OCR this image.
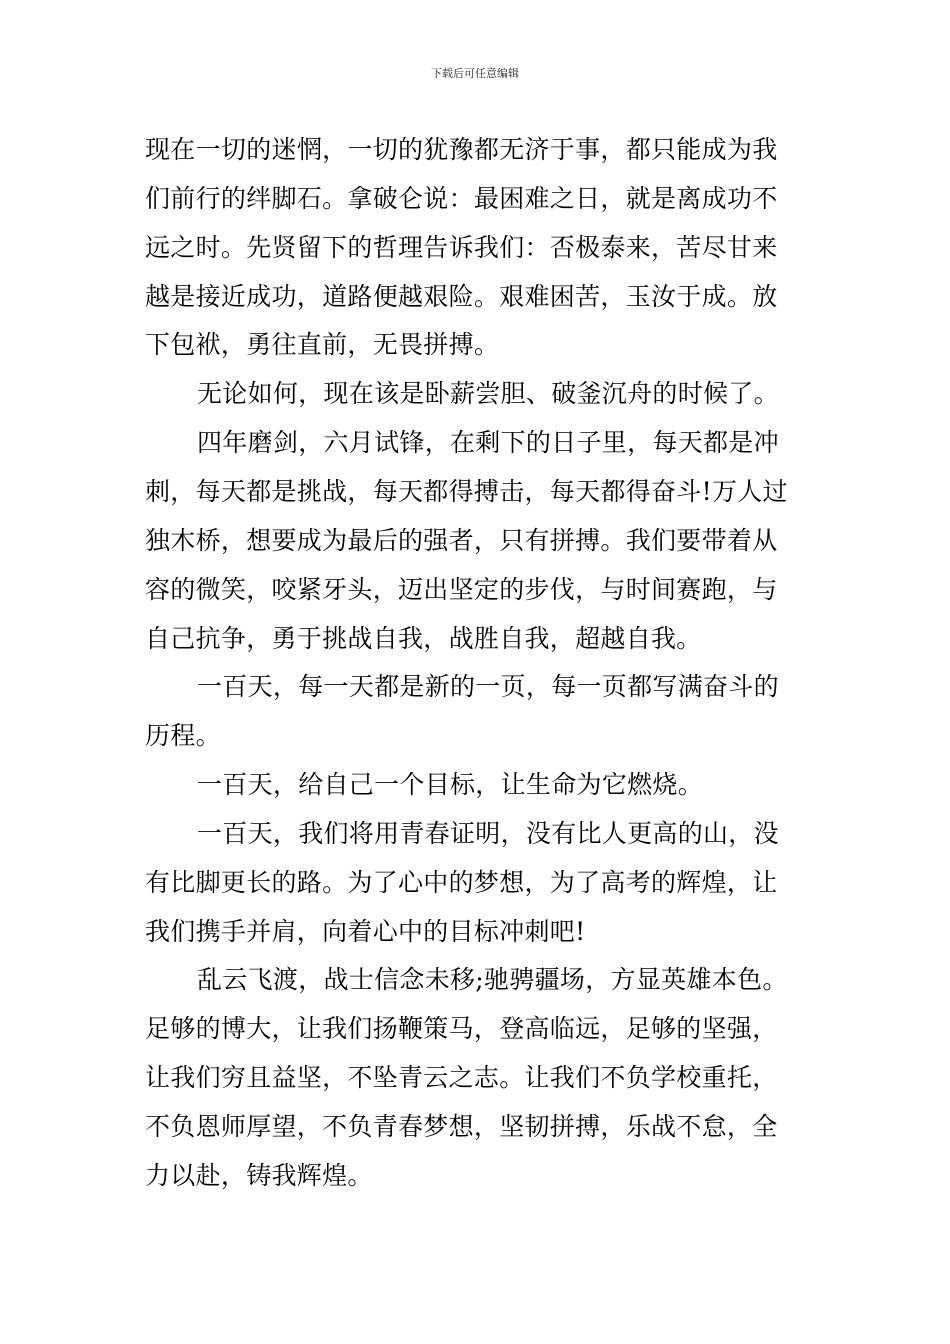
下载后可任意编辑
现在一切的迷惘，一切的犹豫都无济于事，都只能成为我
们前行的绊脚石。拿破仑说：最困难之日，就是离成功不
远之时。先贤留下的哲理告诉我们：否极泰来，苦尽甘来
越是接近成功，道路便越艰险。艰难困苦，玉汝于成。放
下包袱，勇往直前，无畏拼搏。
无论如何，现在该是卧薪尝胆、破釜沉舟的时候了。
四年磨剑，六月试锋，在剩下的日子里，每天都是冲
刺，每天都是挑战，每天都得搏击，每天都得奋斗!万人过
独木桥，想要成为最后的强者，只有拼搏。我们要带着从
容的微笑，咬紧牙头，迈出坚定的步伐，与时间赛跑，与
自己抗争，勇于挑战自我，战胜自我，超越自我。
一百天，每一天都是新的一页，每一页都写满奋斗的
历程。
一百天，给自己一个目标，让生命为它燃烧。
一百天，我们将用青春证明，没有比人更高的山，没
有比脚更长的路。为了心中的梦想，为了高考的辉煌，让
我们携手并肩，向着心中的目标冲刺吧!
乱云飞渡，战士信念未移;驰骋疆场，方显英雄本色。
足够的博大，让我们扬鞭策马，登高临远，足够的坚强，
让我们穷且益坚，不坠青云之志。让我们不负学校重托，
不负恩师厚望，不负青春梦想，坚韧拼搏，乐战不怠，全
力以赴，铸我辉煌。
